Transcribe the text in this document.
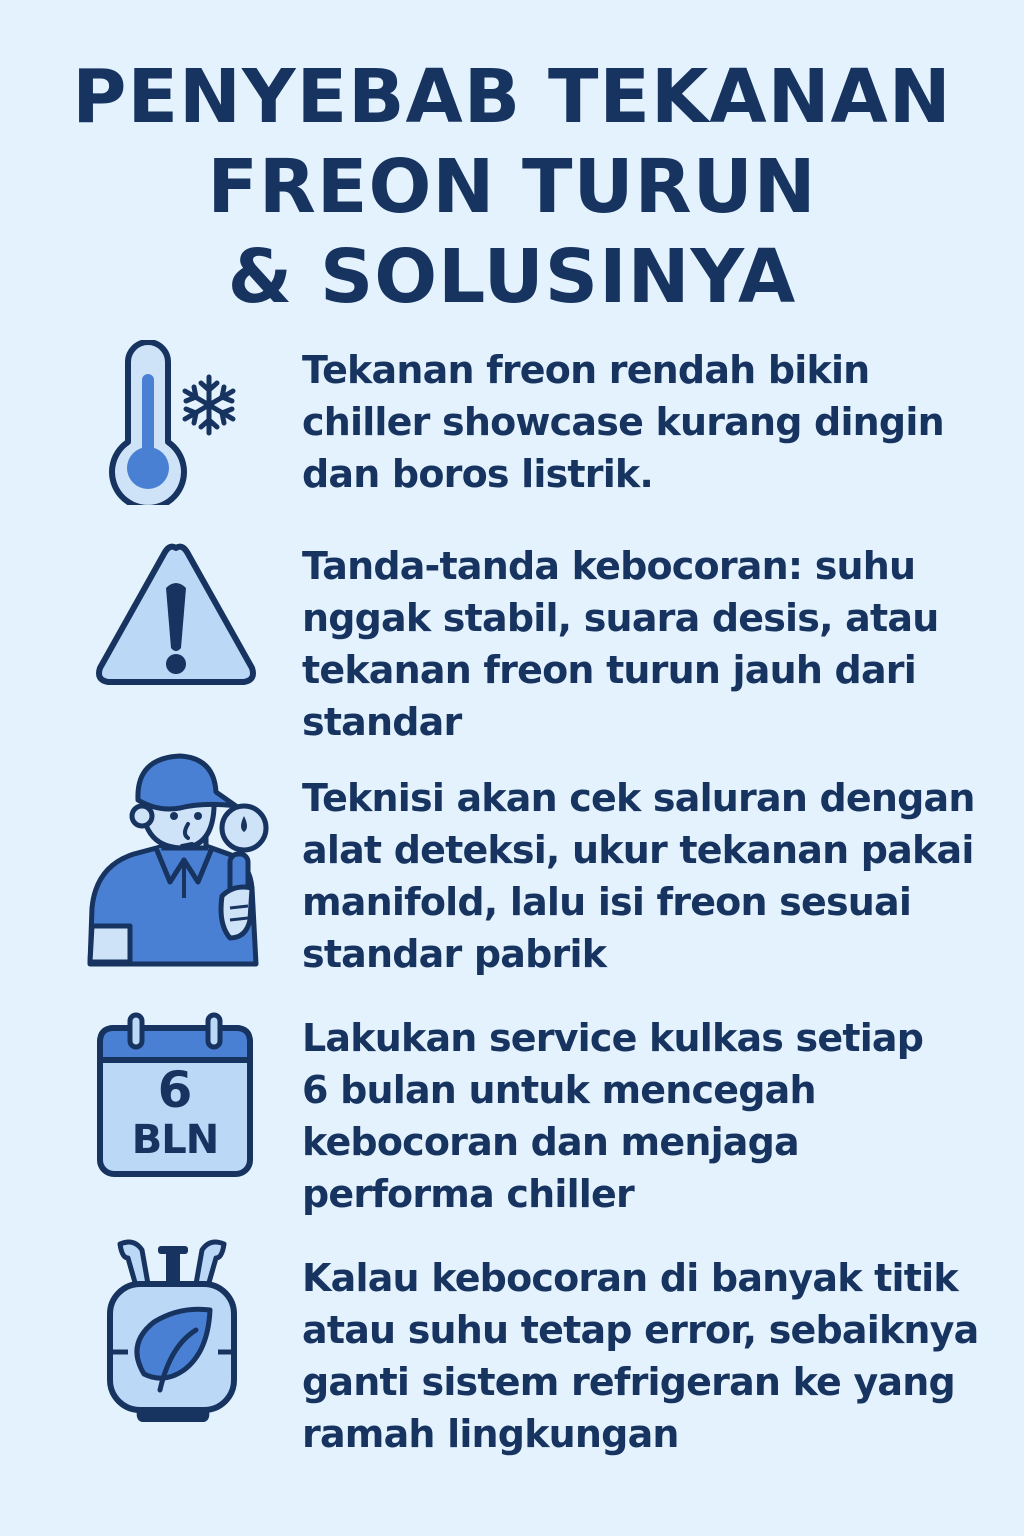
PENYEBAB TEKANAN
FREON TURUN
& SOLUSINYA
Tekanan freon rendah bikin
chiller showcase kurang dingin
dan boros listrik.
Tanda-tanda kebocoran: suhu
nggak stabil, suara desis, atau
tekanan freon turun jauh dari
standar
Teknisi akan cek saluran dengan
alat deteksi, ukur tekanan pakai
manifold, lalu isi freon sesuai
standar pabrik
6
BLN
Lakukan service kulkas setiap
6 bulan untuk mencegah
kebocoran dan menjaga
performa chiller
Kalau kebocoran di banyak titik
atau suhu tetap error, sebaiknya
ganti sistem refrigeran ke yang
ramah lingkungan
